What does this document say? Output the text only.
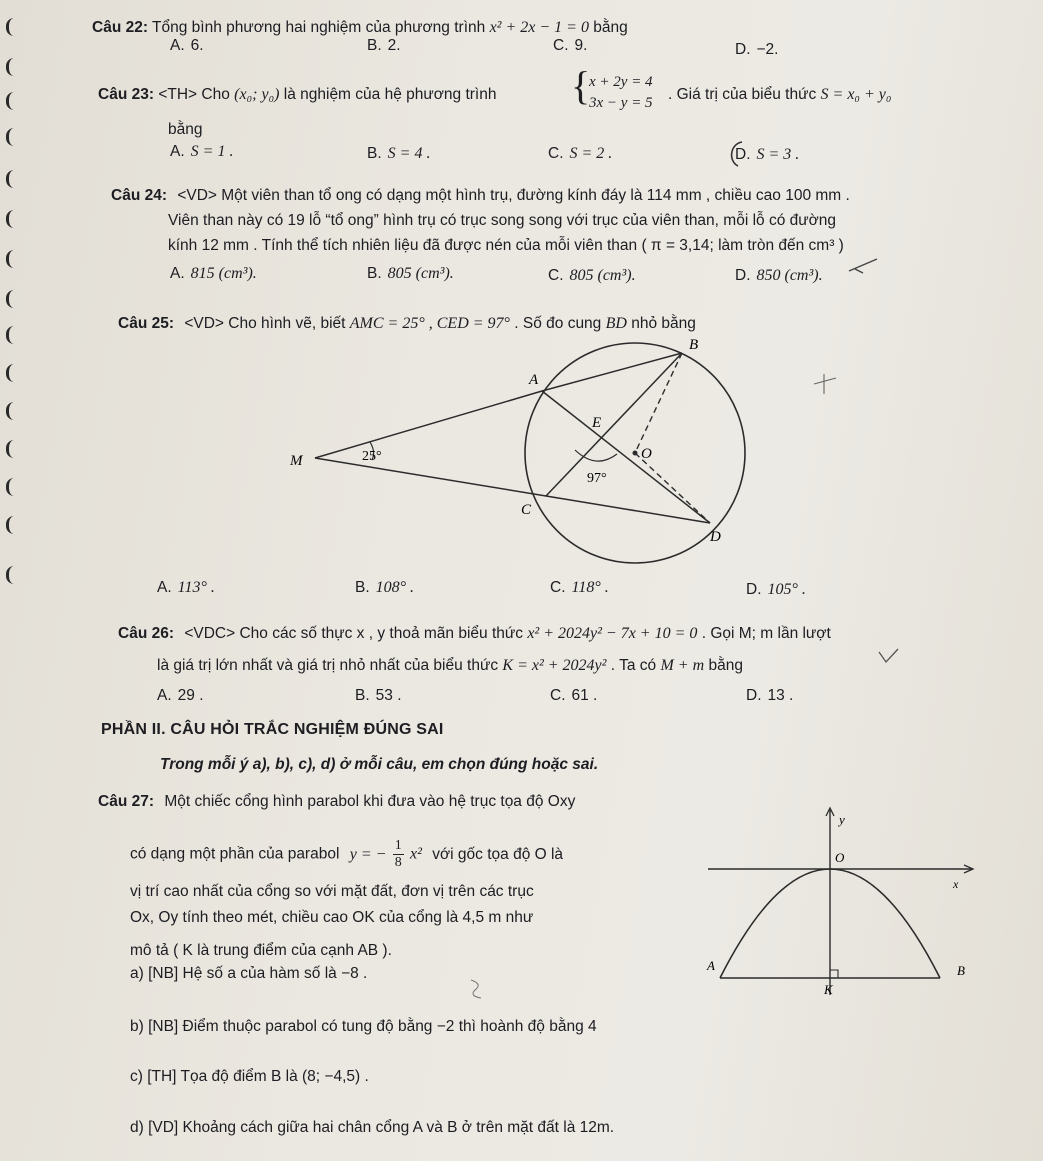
Câu 22: Tổng bình phương hai nghiệm của phương trình x² + 2x − 1 = 0 bằng
A. 6.	B. 2.	C. 9.	D. −2.
Câu 23: <TH> Cho (x₀; y₀) là nghiệm của hệ phương trình {
x + 2y = 4
3x − y = 5 . Giá trị của biểu thức S = x₀ + y₀
bằng
A. S = 1 .	B. S = 4 .	C. S = 2 .	D. S = 3 .
Câu 24: <VD> Một viên than tổ ong có dạng một hình trụ, đường kính đáy là 114 mm , chiều cao 100 mm .
Viên than này có 19 lỗ “tổ ong” hình trụ có trục song song với trục của viên than, mỗi lỗ có đường
kính 12 mm . Tính thể tích nhiên liệu đã được nén của mỗi viên than ( π = 3,14; làm tròn đến cm³ )
A. 815 (cm³).	B. 805 (cm³).	C. 805 (cm³).	D. 850 (cm³).
Câu 25: <VD> Cho hình vẽ, biết AMC = 25° , CED = 97° . Số đo cung BD nhỏ bằng
B
A
E
O
M
C
D
25°
97°
A. 113° .	B. 108° .	C. 118° .	D. 105° .
Câu 26: <VDC> Cho các số thực x , y thoả mãn biểu thức x² + 2024y² − 7x + 10 = 0 . Gọi M; m lần lượt
là giá trị lớn nhất và giá trị nhỏ nhất của biểu thức K = x² + 2024y² . Ta có M + m bằng
A. 29 .	B. 53 .	C. 61 .	D. 13 .
PHẦN II. CÂU HỎI TRẮC NGHIỆM ĐÚNG SAI
Trong mỗi ý a), b), c), d) ở mỗi câu, em chọn đúng hoặc sai.
Câu 27: Một chiếc cổng hình parabol khi đưa vào hệ trục tọa độ Oxy
có dạng một phần của parabol y = − $\frac{1}{8} x^2$ với gốc tọa độ O là
vị trí cao nhất của cổng so với mặt đất, đơn vị trên các trục
Ox, Oy tính theo mét, chiều cao OK của cổng là 4,5 m như
mô tả ( K là trung điểm của cạnh AB ).
a) [NB] Hệ số a của hàm số là −8 .
b) [NB] Điểm thuộc parabol có tung độ bằng −2 thì hoành độ bằng 4
c) [TH] Tọa độ điểm B là (8; −4,5) .
d) [VD] Khoảng cách giữa hai chân cổng A và B ở trên mặt đất là 12m.
y
O
x
A	B
K
